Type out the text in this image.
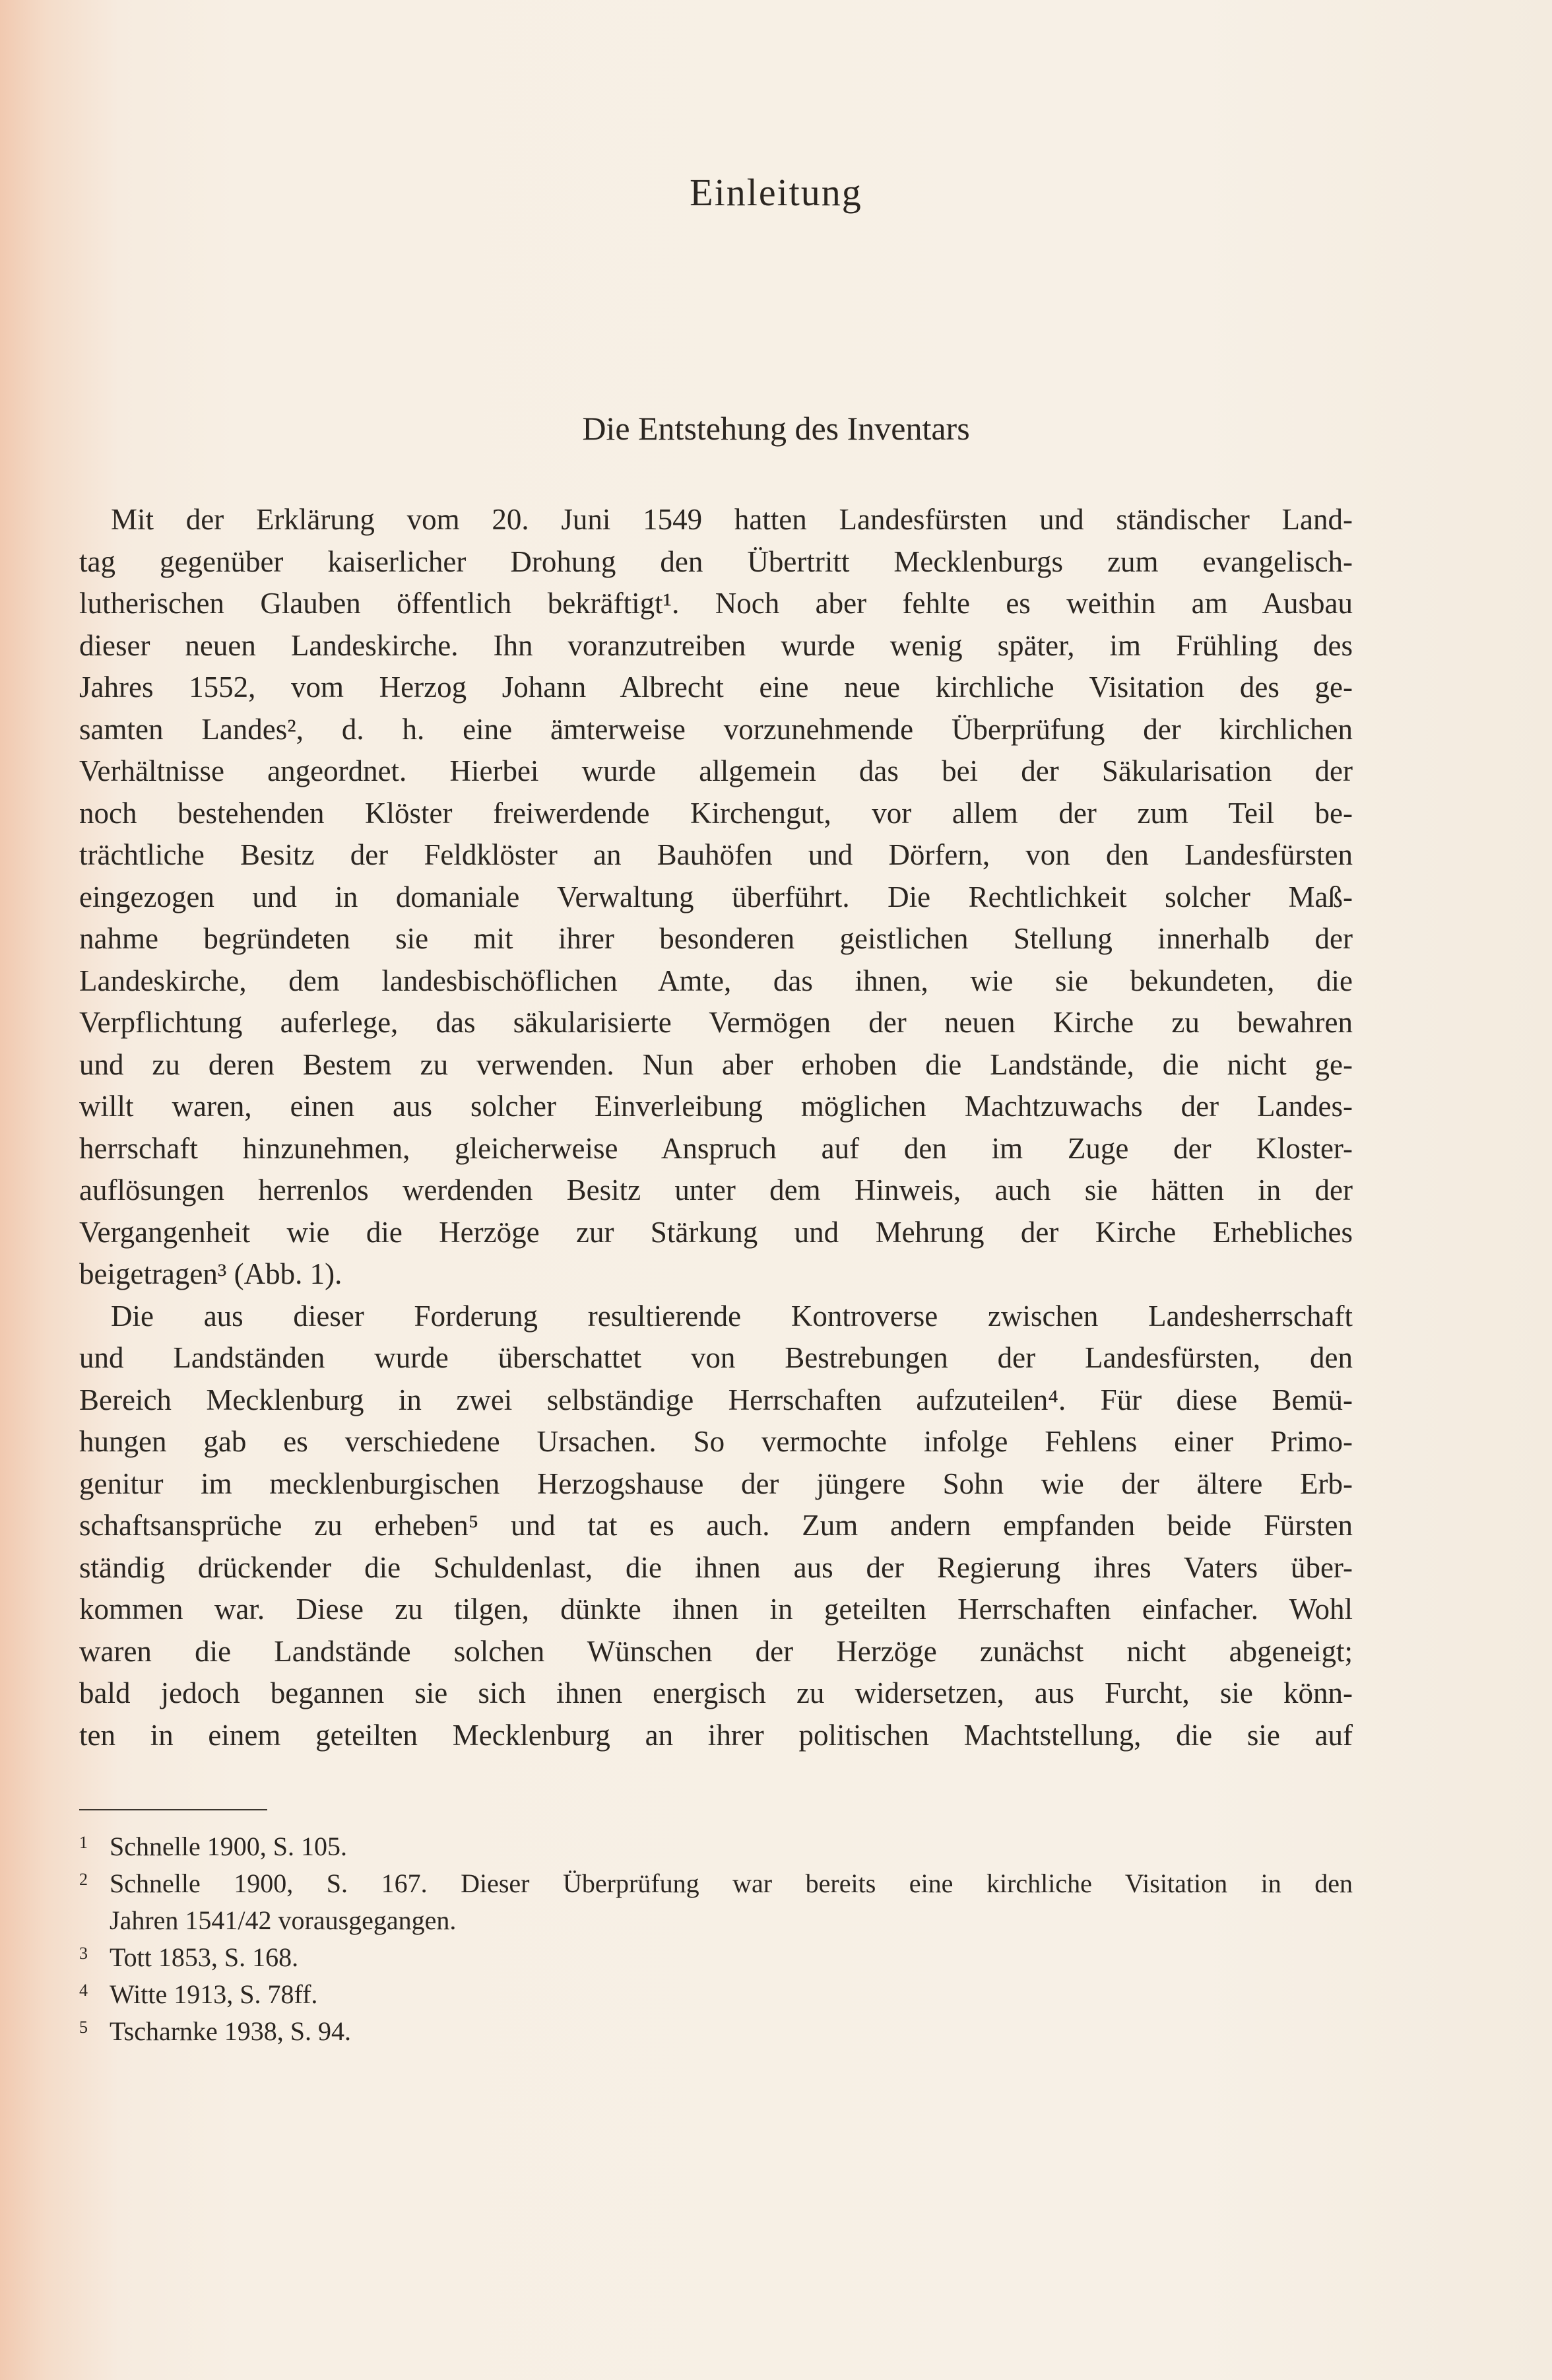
Einleitung
Die Entstehung des Inventars
Mit der Erklärung vom 20. Juni 1549 hatten Landesfürsten und ständischer Land-
tag gegenüber kaiserlicher Drohung den Übertritt Mecklenburgs zum evangelisch-
lutherischen Glauben öffentlich bekräftigt¹. Noch aber fehlte es weithin am Ausbau
dieser neuen Landeskirche. Ihn voranzutreiben wurde wenig später, im Frühling des
Jahres 1552, vom Herzog Johann Albrecht eine neue kirchliche Visitation des ge-
samten Landes², d. h. eine ämterweise vorzunehmende Überprüfung der kirchlichen
Verhältnisse angeordnet. Hierbei wurde allgemein das bei der Säkularisation der
noch bestehenden Klöster freiwerdende Kirchengut, vor allem der zum Teil be-
trächtliche Besitz der Feldklöster an Bauhöfen und Dörfern, von den Landesfürsten
eingezogen und in domaniale Verwaltung überführt. Die Rechtlichkeit solcher Maß-
nahme begründeten sie mit ihrer besonderen geistlichen Stellung innerhalb der
Landeskirche, dem landesbischöflichen Amte, das ihnen, wie sie bekundeten, die
Verpflichtung auferlege, das säkularisierte Vermögen der neuen Kirche zu bewahren
und zu deren Bestem zu verwenden. Nun aber erhoben die Landstände, die nicht ge-
willt waren, einen aus solcher Einverleibung möglichen Machtzuwachs der Landes-
herrschaft hinzunehmen, gleicherweise Anspruch auf den im Zuge der Kloster-
auflösungen herrenlos werdenden Besitz unter dem Hinweis, auch sie hätten in der
Vergangenheit wie die Herzöge zur Stärkung und Mehrung der Kirche Erhebliches
beigetragen³ (Abb. 1).
Die aus dieser Forderung resultierende Kontroverse zwischen Landesherrschaft
und Landständen wurde überschattet von Bestrebungen der Landesfürsten, den
Bereich Mecklenburg in zwei selbständige Herrschaften aufzuteilen⁴. Für diese Bemü-
hungen gab es verschiedene Ursachen. So vermochte infolge Fehlens einer Primo-
genitur im mecklenburgischen Herzogshause der jüngere Sohn wie der ältere Erb-
schaftsansprüche zu erheben⁵ und tat es auch. Zum andern empfanden beide Fürsten
ständig drückender die Schuldenlast, die ihnen aus der Regierung ihres Vaters über-
kommen war. Diese zu tilgen, dünkte ihnen in geteilten Herrschaften einfacher. Wohl
waren die Landstände solchen Wünschen der Herzöge zunächst nicht abgeneigt;
bald jedoch begannen sie sich ihnen energisch zu widersetzen, aus Furcht, sie könn-
ten in einem geteilten Mecklenburg an ihrer politischen Machtstellung, die sie auf
1 Schnelle 1900, S. 105.
2 Schnelle 1900, S. 167. Dieser Überprüfung war bereits eine kirchliche Visitation in den
Jahren 1541/42 vorausgegangen.
3 Tott 1853, S. 168.
4 Witte 1913, S. 78ff.
5 Tscharnke 1938, S. 94.
